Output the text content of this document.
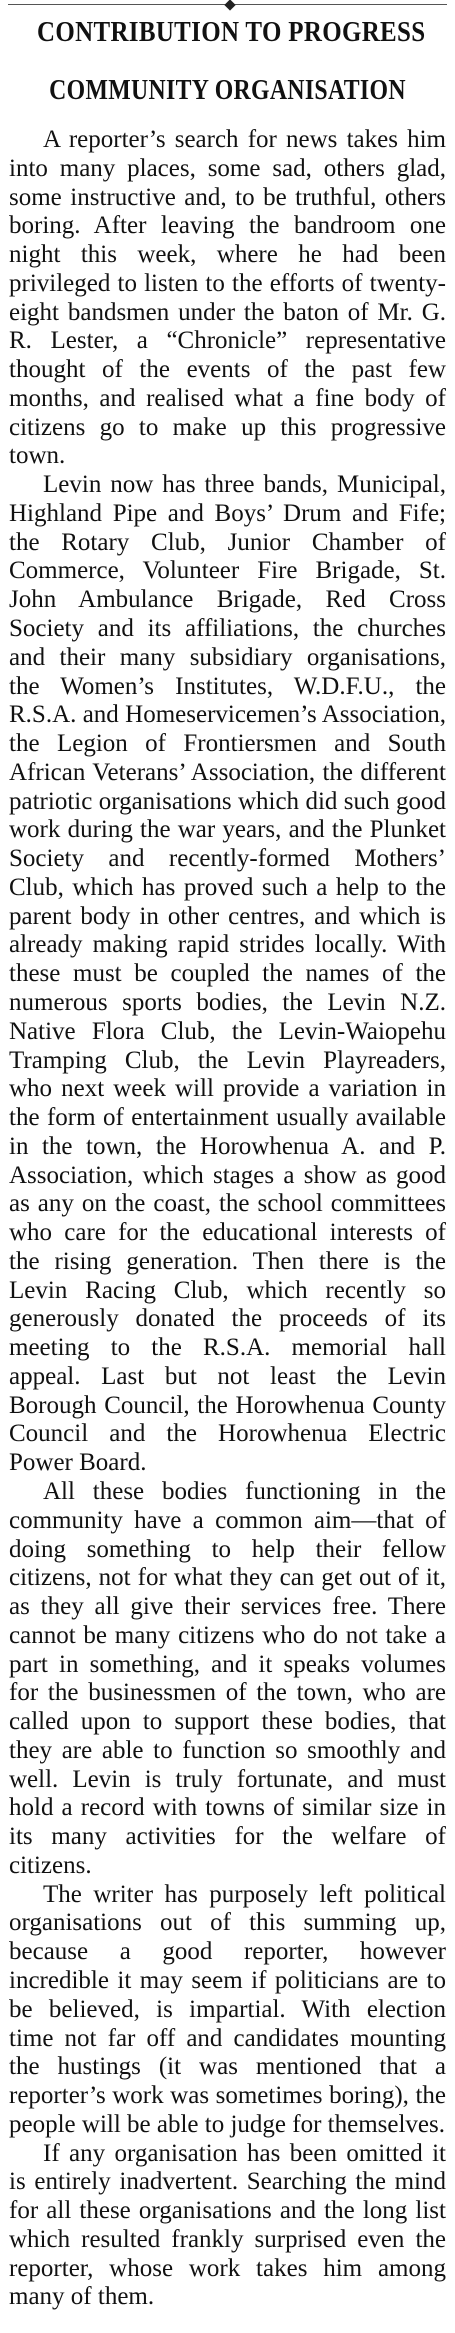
CONTRIBUTION TO PROGRESS
COMMUNITY ORGANISATION

A reporter’s search for news takes him into many places, some sad, others glad, some instructive and, to be truthful, others boring. After leaving the bandroom one night this week, where he had been privileged to listen to the efforts of twenty-eight bandsmen under the baton of Mr. G. R. Lester, a “Chronicle” representative thought of the events of the past few months, and realised what a fine body of citizens go to make up this progressive town.

Levin now has three bands, Municipal, Highland Pipe and Boys’ Drum and Fife; the Rotary Club, Junior Chamber of Commerce, Volunteer Fire Brigade, St. John Ambulance Brigade, Red Cross Society and its affiliations, the churches and their many subsidiary organisations, the Women’s Institutes, W.D.F.U., the R.S.A. and Homeservicemen’s Association, the Legion of Frontiersmen and South African Veterans’ Association, the different patriotic organisations which did such good work during the war years, and the Plunket Society and recently-formed Mothers’ Club, which has proved such a help to the parent body in other centres, and which is already making rapid strides locally. With these must be coupled the names of the numerous sports bodies, the Levin N.Z. Native Flora Club, the Levin-Waiopehu Tramping Club, the Levin Playreaders, who next week will provide a variation in the form of entertainment usually available in the town, the Horowhenua A. and P. Association, which stages a show as good as any on the coast, the school committees who care for the educational interests of the rising generation. Then there is the Levin Racing Club, which recently so generously donated the proceeds of its meeting to the R.S.A. memorial hall appeal. Last but not least the Levin Borough Council, the Horowhenua County Council and the Horowhenua Electric Power Board.

All these bodies functioning in the community have a common aim—that of doing something to help their fellow citizens, not for what they can get out of it, as they all give their services free. There cannot be many citizens who do not take a part in something, and it speaks volumes for the businessmen of the town, who are called upon to support these bodies, that they are able to function so smoothly and well. Levin is truly fortunate, and must hold a record with towns of similar size in its many activities for the welfare of citizens.

The writer has purposely left political organisations out of this summing up, because a good reporter, however incredible it may seem if politicians are to be believed, is impartial. With election time not far off and candidates mounting the hustings (it was mentioned that a reporter’s work was sometimes boring), the people will be able to judge for themselves.

If any organisation has been omitted it is entirely inadvertent. Searching the mind for all these organisations and the long list which resulted frankly surprised even the reporter, whose work takes him among many of them.
